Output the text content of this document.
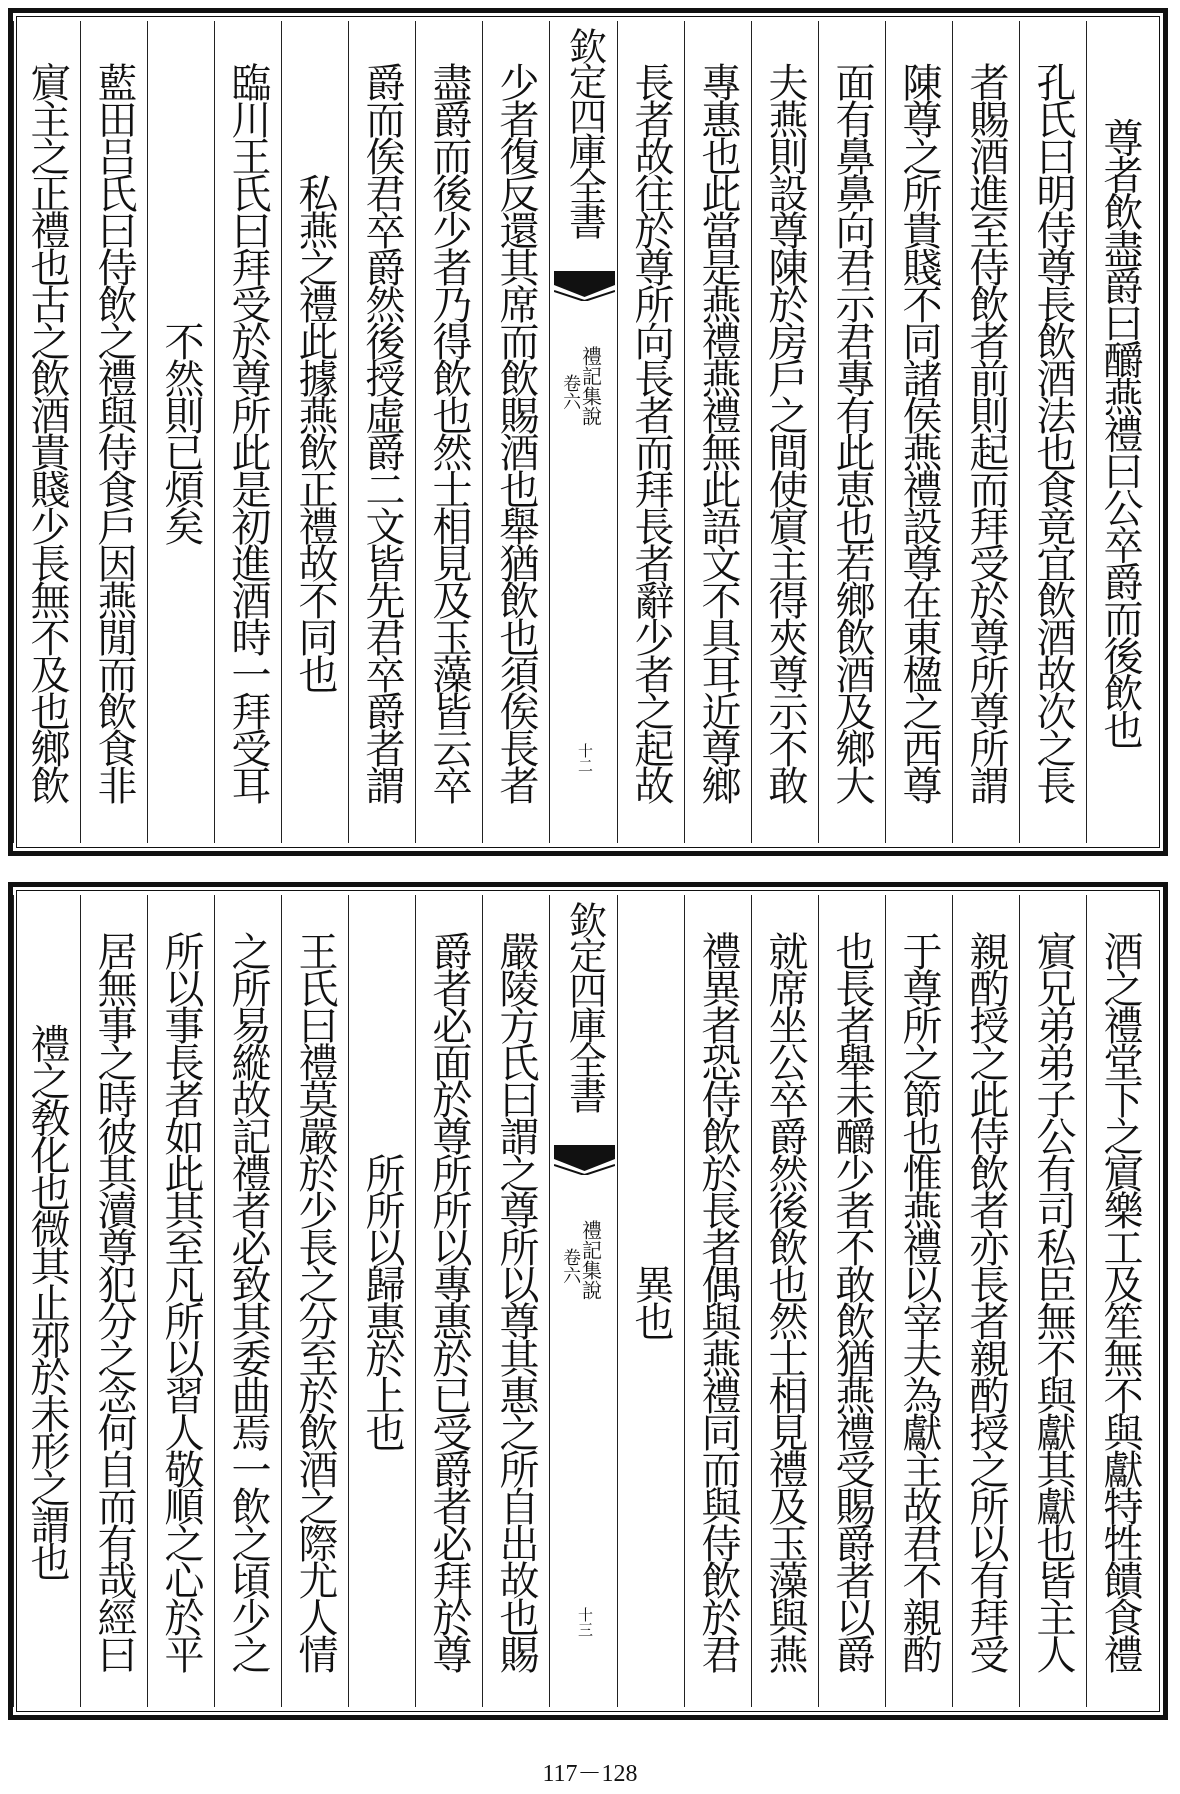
尊者飲盡爵曰釂燕禮曰公卒爵而後飲也
孔氏曰明侍尊長飲酒法也食竟宜飲酒故次之長
者賜酒進至侍飲者前則起而拜受於尊所尊所謂
陳尊之所貴賤不同諸侯燕禮設尊在東楹之西尊
面有鼻鼻向君示君專有此恵也若鄉飲酒及鄉大
夫燕則設尊陳於房戶之間使賔主得夾尊示不敢
專惠也此當是燕禮燕禮無此語文不具耳近尊鄉
長者故往於尊所向長者而拜長者辭少者之起故
欽定四庫全書
禮記集說
卷六
十二
少者復反還其席而飲賜酒也舉猶飲也須俟長者
盡爵而後少者乃得飲也然士相見及玉藻皆云卒
爵而俟君卒爵然後授虛爵二文皆先君卒爵者謂
私燕之禮此據燕飲正禮故不同也
臨川王氏曰拜受於尊所此是初進酒時一拜受耳
不然則已煩矣
藍田吕氏曰侍飲之禮與侍食戶因燕閒而飲食非
賔主之正禮也古之飲酒貴賤少長無不及也鄉飲
酒之禮堂下之賔樂工及笙無不與獻特牲饋食禮
賔兄弟弟子公有司私臣無不與獻其獻也皆主人
親酌授之此侍飲者亦長者親酌授之所以有拜受
于尊所之節也惟燕禮以宰夫為獻主故君不親酌
也長者舉未釂少者不敢飲猶燕禮受賜爵者以爵
就席坐公卒爵然後飲也然士相見禮及玉藻與燕
禮異者恐侍飲於長者偶與燕禮同而與侍飲於君
異也
欽定四庫全書
禮記集說
卷六
十三
嚴陵方氏曰謂之尊所以尊其惠之所自出故也賜
爵者必面於尊所所以專惠於已受爵者必拜於尊
所所以歸惠於上也
王氏曰禮莫嚴於少長之分至於飲酒之際尤人情
之所易縱故記禮者必致其委曲焉一飲之頃少之
所以事長者如此其至凡所以習人敬順之心於平
居無事之時彼其瀆尊犯分之念何自而有哉經曰
禮之敎化也微其止邪於未形之謂也
117－128
